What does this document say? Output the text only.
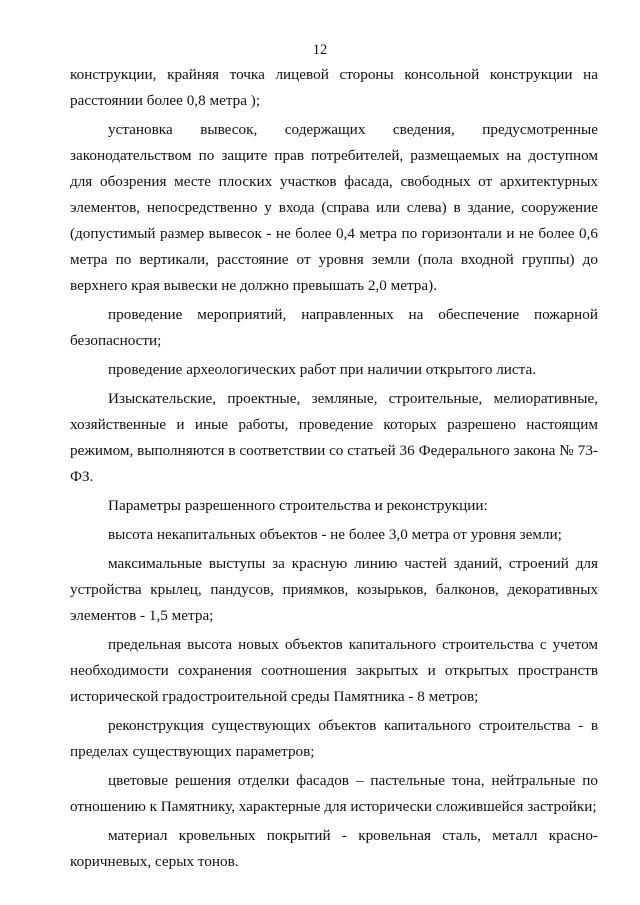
12

конструкции, крайняя точка лицевой стороны консольной конструкции на расстоянии более 0,8 метра );

установка вывесок, содержащих сведения, предусмотренные законодательством по защите прав потребителей, размещаемых на доступном для обозрения месте плоских участков фасада, свободных от архитектурных элементов, непосредственно у входа (справа или слева) в здание, сооружение (допустимый размер вывесок - не более 0,4 метра по горизонтали и не более 0,6 метра по вертикали, расстояние от уровня земли (пола входной группы) до верхнего края вывески не должно превышать 2,0 метра).

проведение мероприятий, направленных на обеспечение пожарной безопасности;

проведение археологических работ при наличии открытого листа.

Изыскательские, проектные, земляные, строительные, мелиоративные, хозяйственные и иные работы, проведение которых разрешено настоящим режимом, выполняются в соответствии со статьей 36 Федерального закона № 73-ФЗ.

Параметры разрешенного строительства и реконструкции:

высота некапитальных объектов - не более 3,0 метра от уровня земли;

максимальные выступы за красную линию частей зданий, строений для устройства крылец, пандусов, приямков, козырьков, балконов, декоративных элементов - 1,5 метра;

предельная высота новых объектов капитального строительства с учетом необходимости сохранения соотношения закрытых и открытых пространств исторической градостроительной среды Памятника - 8 метров;

реконструкция существующих объектов капитального строительства - в пределах существующих параметров;

цветовые решения отделки фасадов – пастельные тона, нейтральные по отношению к Памятнику, характерные для исторически сложившейся застройки;

материал кровельных покрытий - кровельная сталь, металл красно-коричневых, серых тонов.
